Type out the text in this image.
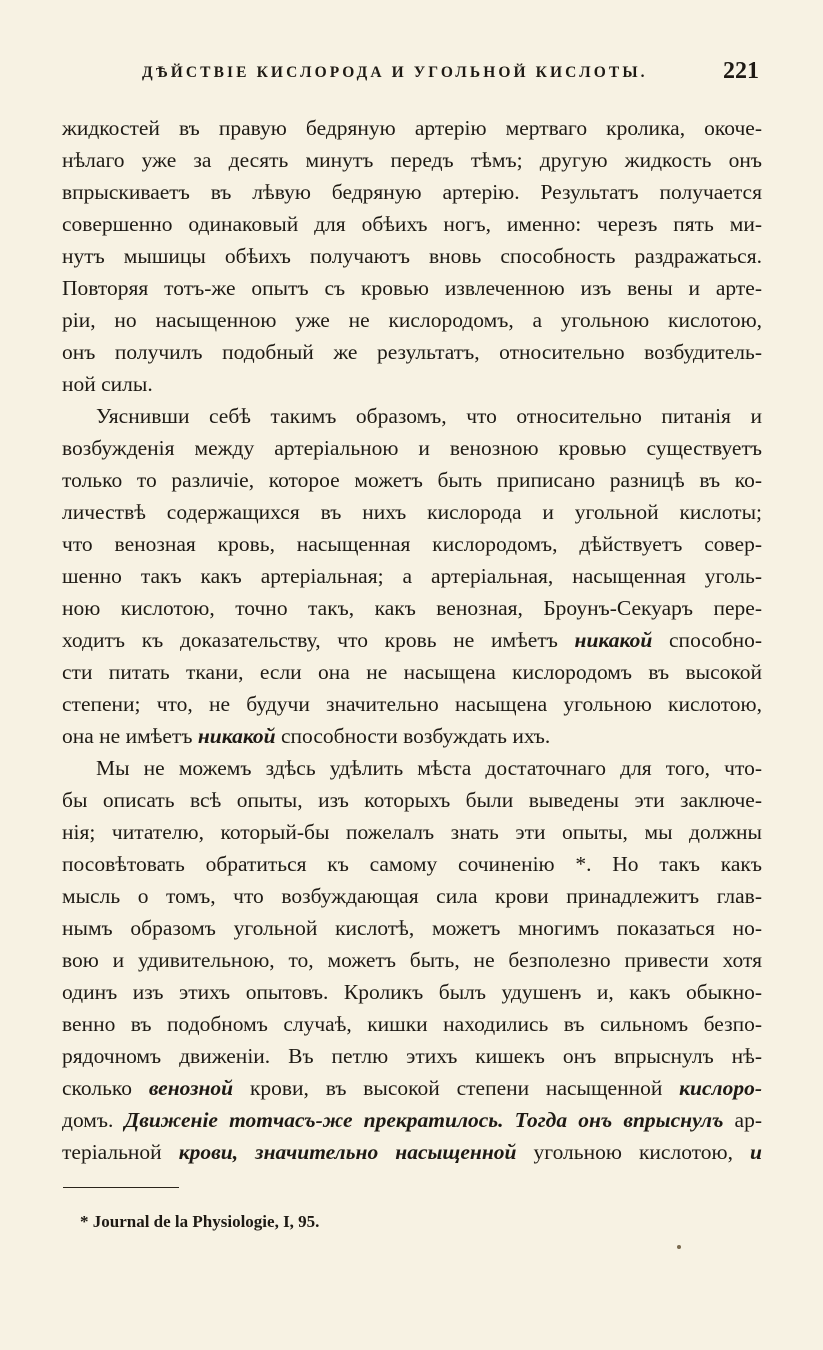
ДѢЙСТВІЕ КИСЛОРОДА И УГОЛЬНОЙ КИСЛОТЫ.	221
жидкостей въ правую бедряную артерію мертваго кролика, окоче-
нѣлаго уже за десять минутъ передъ тѣмъ; другую жидкость онъ
впрыскиваетъ въ лѣвую бедряную артерію. Результатъ получается
совершенно одинаковый для обѣихъ ногъ, именно: черезъ пять ми-
нутъ мышицы обѣихъ получаютъ вновь способность раздражаться.
Повторяя тотъ-же опытъ съ кровью извлеченною изъ вены и арте-
ріи, но насыщенною уже не кислородомъ, а угольною кислотою,
онъ получилъ подобный же результатъ, относительно возбудитель-
ной силы.
Уяснивши себѣ такимъ образомъ, что относительно питанія и
возбужденія между артеріальною и венозною кровью существуетъ
только то различіе, которое можетъ быть приписано разницѣ въ ко-
личествѣ содержащихся въ нихъ кислорода и угольной кислоты;
что венозная кровь, насыщенная кислородомъ, дѣйствуетъ совер-
шенно такъ какъ артеріальная; а артеріальная, насыщенная уголь-
ною кислотою, точно такъ, какъ венозная, Броунъ-Секуаръ пере-
ходитъ къ доказательству, что кровь не имѣетъ никакой способно-
сти питать ткани, если она не насыщена кислородомъ въ высокой
степени; что, не будучи значительно насыщена угольною кислотою,
она не имѣетъ никакой способности возбуждать ихъ.
Мы не можемъ здѣсь удѣлить мѣста достаточнаго для того, что-
бы описать всѣ опыты, изъ которыхъ были выведены эти заключе-
нія; читателю, который-бы пожелалъ знать эти опыты, мы должны
посовѣтовать обратиться къ самому сочиненію *. Но такъ какъ
мысль о томъ, что возбуждающая сила крови принадлежитъ глав-
нымъ образомъ угольной кислотѣ, можетъ многимъ показаться но-
вою и удивительною, то, можетъ быть, не безполезно привести хотя
одинъ изъ этихъ опытовъ. Кроликъ былъ удушенъ и, какъ обыкно-
венно въ подобномъ случаѣ, кишки находились въ сильномъ безпо-
рядочномъ движеніи. Въ петлю этихъ кишекъ онъ впрыснулъ нѣ-
сколько венозной крови, въ высокой степени насыщенной кислоро-
домъ. Движеніе тотчасъ-же прекратилось. Тогда онъ впрыснулъ ар-
теріальной крови, значительно насыщенной угольною кислотою, и
* Journal de la Physiologie, I, 95.
